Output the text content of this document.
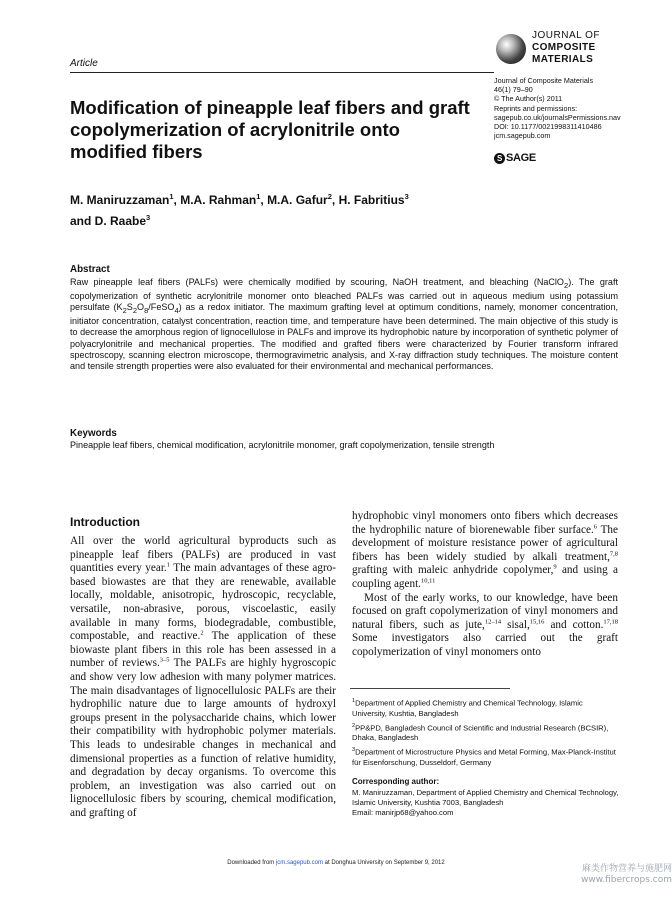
Article
JOURNAL OF
COMPOSITE
MATERIALS
Journal of Composite Materials
46(1) 79–90
© The Author(s) 2011
Reprints and permissions:
sagepub.co.uk/journalsPermissions.nav
DOI: 10.1177/0021998311410486
jcm.sagepub.com
S SAGE
Modification of pineapple leaf fibers and graft copolymerization of acrylonitrile onto modified fibers
M. Maniruzzaman$^1$, M.A. Rahman$^1$, M.A. Gafur$^2$, H. Fabritius$^3$
and D. Raabe$^3$
Abstract
Raw pineapple leaf fibers (PALFs) were chemically modified by scouring, NaOH treatment, and bleaching (NaClO$_2$). The graft copolymerization of synthetic acrylonitrile monomer onto bleached PALFs was carried out in aqueous medium using potassium persulfate $(K_2S_2O_8/FeSO_4)$ as a redox initiator. The maximum grafting level at optimum conditions, namely, monomer concentration, initiator concentration, catalyst concentration, reaction time, and temperature have been determined. The main objective of this study is to decrease the amorphous region of lignocellulose in PALFs and improve its hydrophobic nature by incorporation of synthetic polymer of polyacrylonitrile and mechanical properties. The modified and grafted fibers were characterized by Fourier transform infrared spectroscopy, scanning electron microscope, thermogravimetric analysis, and X-ray diffraction study techniques. The moisture content and tensile strength properties were also evaluated for their environmental and mechanical performances.
Keywords
Pineapple leaf fibers, chemical modification, acrylonitrile monomer, graft copolymerization, tensile strength
Introduction

All over the world agricultural byproducts such as pineapple leaf fibers (PALFs) are produced in vast quantities every year.$^1$ The main advantages of these agro-based biowastes are that they are renewable, available locally, moldable, anisotropic, hydroscopic, recyclable, versatile, non-abrasive, porous, viscoelastic, easily available in many forms, biodegradable, combustible, compostable, and reactive.$^2$ The application of these biowaste plant fibers in this role has been assessed in a number of reviews.$^{3-5}$ The PALFs are highly hygroscopic and show very low adhesion with many polymer matrices. The main disadvantages of lignocellulosic PALFs are their hydrophilic nature due to large amounts of hydroxyl groups present in the polysaccharide chains, which lower their compatibility with hydrophobic polymer materials. This leads to undesirable changes in mechanical and dimensional properties as a function of relative humidity, and degradation by decay organisms. To overcome this problem, an investigation was also carried out on lignocellulosic fibers by scouring, chemical modification, and grafting of

hydrophobic vinyl monomers onto fibers which decreases the hydrophilic nature of biorenewable fiber surface.$^6$ The development of moisture resistance power of agricultural fibers has been widely studied by alkali treatment,$^{7,8}$ grafting with maleic anhydride copolymer,$^9$ and using a coupling agent.$^{10,11}$

Most of the early works, to our knowledge, have been focused on graft copolymerization of vinyl monomers and natural fibers, such as jute,$^{12-14}$ sisal,$^{15,16}$ and cotton.$^{17,18}$ Some investigators also carried out the graft copolymerization of vinyl monomers onto

$^1$Department of Applied Chemistry and Chemical Technology, Islamic University, Kushtia, Bangladesh
$^2$PP&PD, Bangladesh Council of Scientific and Industrial Research (BCSIR), Dhaka, Bangladesh
$^3$Department of Microstructure Physics and Metal Forming, Max-Planck-Institut für Eisenforschung, Dusseldorf, Germany
Corresponding author:
M. Maniruzzaman, Department of Applied Chemistry and Chemical Technology, Islamic University, Kushtia 7003, Bangladesh
Email: manirjp68@yahoo.com
Downloaded from jcm.sagepub.com at Donghua University on September 9, 2012
麻类作物营养与施肥网
www.fibercrops.com
